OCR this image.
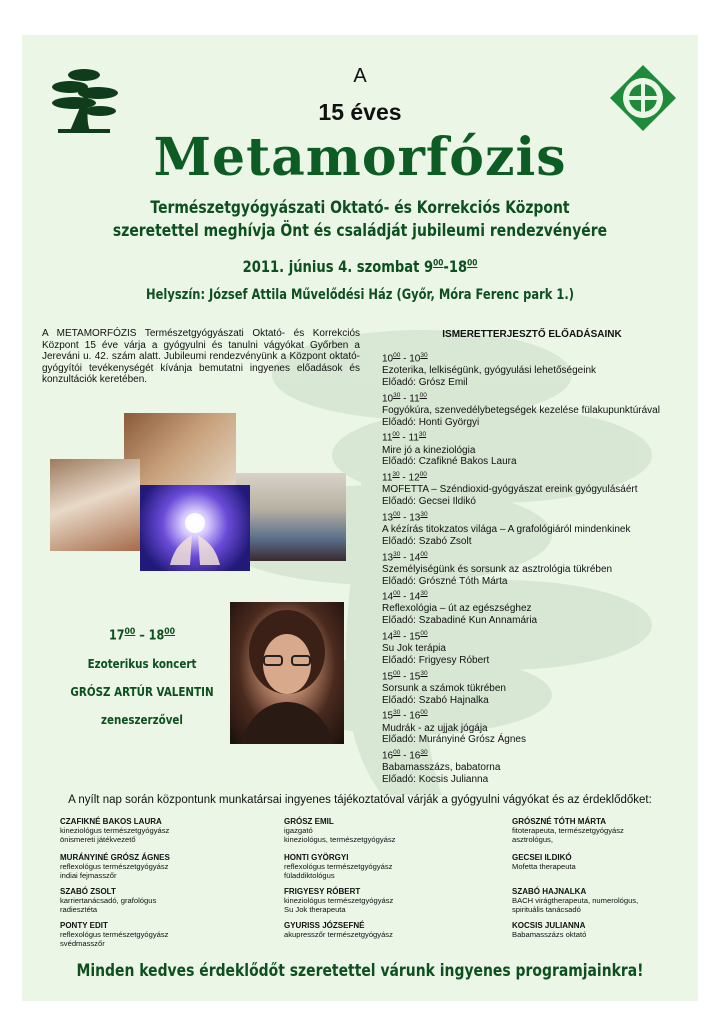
A
15 éves
Metamorfózis
Természetgyógyászati Oktató- és Korrekciós Központ
szeretettel meghívja Önt és családját jubileumi rendezvényére
2011. június 4. szombat $9^{00}-18^{00}$
Helyszín: József Attila Művelődési Ház (Győr, Móra Ferenc park 1.)
A METAMORFÓZIS Természetgyógyászati Oktató- és Korrekciós Központ 15 éve várja a gyógyulni és tanulni vágyókat Győrben a Jereváni u. 42. szám alatt. Jubileumi rendezvényünk a Központ oktató-gyógyítói tevékenységét kívánja bemutatni ingyenes előadások és konzultációk keretében.
$17^{00} - 18^{00}$
Ezoterikus koncert
GRÓSZ ARTÚR VALENTIN
zeneszerzővel
ISMERETTERJESZTŐ ELŐADÁSAINK
$10^{00} - 10^{30}$
Ezoterika, lelkiségünk, gyógyulási lehetőségeink
Előadó: Grósz Emil
$10^{30} - 11^{00}$
Fogyókúra, szenvedélybetegségek kezelése fülakupunktúrával
Előadó: Honti Györgyi
$11^{00} - 11^{30}$
Mire jó a kineziológia
Előadó: Czafikné Bakos Laura
$11^{30} - 12^{00}$
MOFETTA – Széndioxid-gyógyászat ereink gyógyulásáért
Előadó: Gecsei Ildikó
$13^{00} - 13^{30}$
A kézírás titokzatos világa – A grafológiáról mindenkinek
Előadó: Szabó Zsolt
$13^{30} - 14^{00}$
Személyiségünk és sorsunk az asztrológia tükrében
Előadó: Grószné Tóth Márta
$14^{00} - 14^{30}$
Reflexológia – út az egészséghez
Előadó: Szabadiné Kun Annamária
$14^{30} - 15^{00}$
Su Jok terápia
Előadó: Frigyesy Róbert
$15^{00} - 15^{30}$
Sorsunk a számok tükrében
Előadó: Szabó Hajnalka
$15^{30} - 16^{00}$
Mudrák - az ujjak jógája
Előadó: Murányiné Grósz Ágnes
$16^{00} - 16^{30}$
Babamasszázs, babatorna
Előadó: Kocsis Julianna
A nyílt nap során központunk munkatársai ingyenes tájékoztatóval várják a gyógyulni vágyókat és az érdeklődőket:
CZAFIKNÉ BAKOS LAURA
kineziológus természetgyógyász
önismereti játékvezető
GRÓSZ EMIL
igazgató
kineziológus, természetgyógyász
GRÓSZNÉ TÓTH MÁRTA
fitoterapeuta, természetgyógyász
asztrológus,
MURÁNYINÉ GRÓSZ ÁGNES
reflexológus természetgyógyász
indiai fejmasszőr
HONTI GYÖRGYI
reflexológus természetgyógyász
füladdiktológus
GECSEI ILDIKÓ
Mofetta therapeuta
SZABÓ ZSOLT
karriertanácsadó, grafológus
radiesztéta
FRIGYESY RÓBERT
kineziológus természetgyógyász
Su Jok therapeuta
SZABÓ HAJNALKA
BACH virágtherapeuta, numerológus,
spirituális tanácsadó
PONTY EDIT
reflexológus természetgyógyász
svédmasszőr
GYURISS JÓZSEFNÉ
akupresszőr természetgyógyász
KOCSIS JULIANNA
Babamasszázs oktató
Minden kedves érdeklődőt szeretettel várunk ingyenes programjainkra!
